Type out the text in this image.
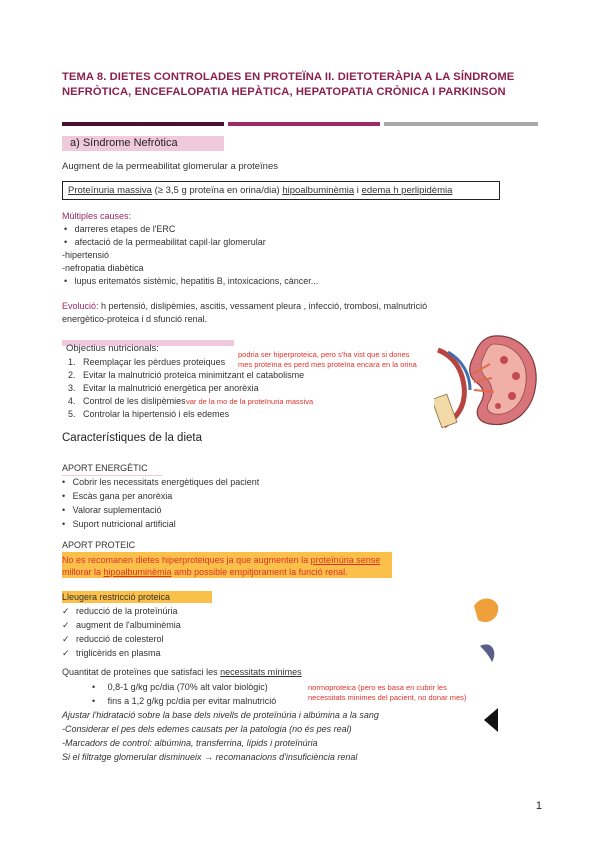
TEMA 8. DIETES CONTROLADES EN PROTEÏNA II. DIETOTERÀPIA A LA SÍNDROME NEFRÒTICA, ENCEFALOPATIA HEPÀTICA, HEPATOPATIA CRÒNICA I PARKINSON
a) Síndrome Nefròtica
Augment de la permeabilitat glomerular a proteïnes
Proteïnuria massiva (≥ 3,5 g proteïna en orina/dia) hipoalbuminèmia i edema h perlipidèmia
Múltiples causes:
•   darreres etapes de l'ERC
•   afectació de la permeabilitat capil·lar glomerular
-hipertensió
-nefropatia diabètica
•   lupus eritematós sistèmic, hepatitis B, intoxicacions, càncer...
Evolució: h pertensió, dislipèmies, ascitis, vessament pleura , infecció, trombosi, malnutrició
energètico-proteica i d sfunció renal.
Objectius nutricionals:
1. Reemplaçar les pèrdues proteiques
2. Evitar la malnutrició proteica minimitzant el catabolisme
3. Evitar la malnutrició energètica per anorèxia
4. Control de les dislipèmies
5. Controlar la hipertensió i els edemes
podria ser hiperproteica, pero s'ha vist que si dones
mes proteïna es perd mes proteïna encara en la orina
var de la mo de la proteïnuria massiva
Característiques de la dieta
APORT ENERGÈTIC
•   Cobrir les necessitats energètiques del pacient
•   Escàs gana per anorèxia
•   Valorar suplementació
•   Suport nutricional artificial
APORT PROTEIC
No es recomanen dietes hiperproteiques ja que augmenten la proteïnúria sense
millorar la hipoalbuminèmia amb possible empitjorament la funció renal.
Lleugera restricció proteica
✓ reducció de la proteïnúria
✓ augment de l'albuminèmia
✓ reducció de colesterol
✓ triglicèrids en plasma
Quantitat de proteïnes que satisfaci les necessitats mínimes
•     0,8-1 g/kg pc/dia (70% alt valor biològic)
•     fins a 1,2 g/kg pc/dia per evitar malnutrició
normoproteica (pero es basa en cubrir les
necessitats minimes del pacient, no donar mes)
Ajustar l'hidratació sobre la base dels nivells de proteïnúria i albúmina a la sang
-Considerar el pes dels edemes causats per la patologia (no és pes real)
-Marcadors de control: albúmina, transferrina, lípids i proteïnúria
Si el filtratge glomerular disminueix → recomanacions d'insuficiència renal
1
